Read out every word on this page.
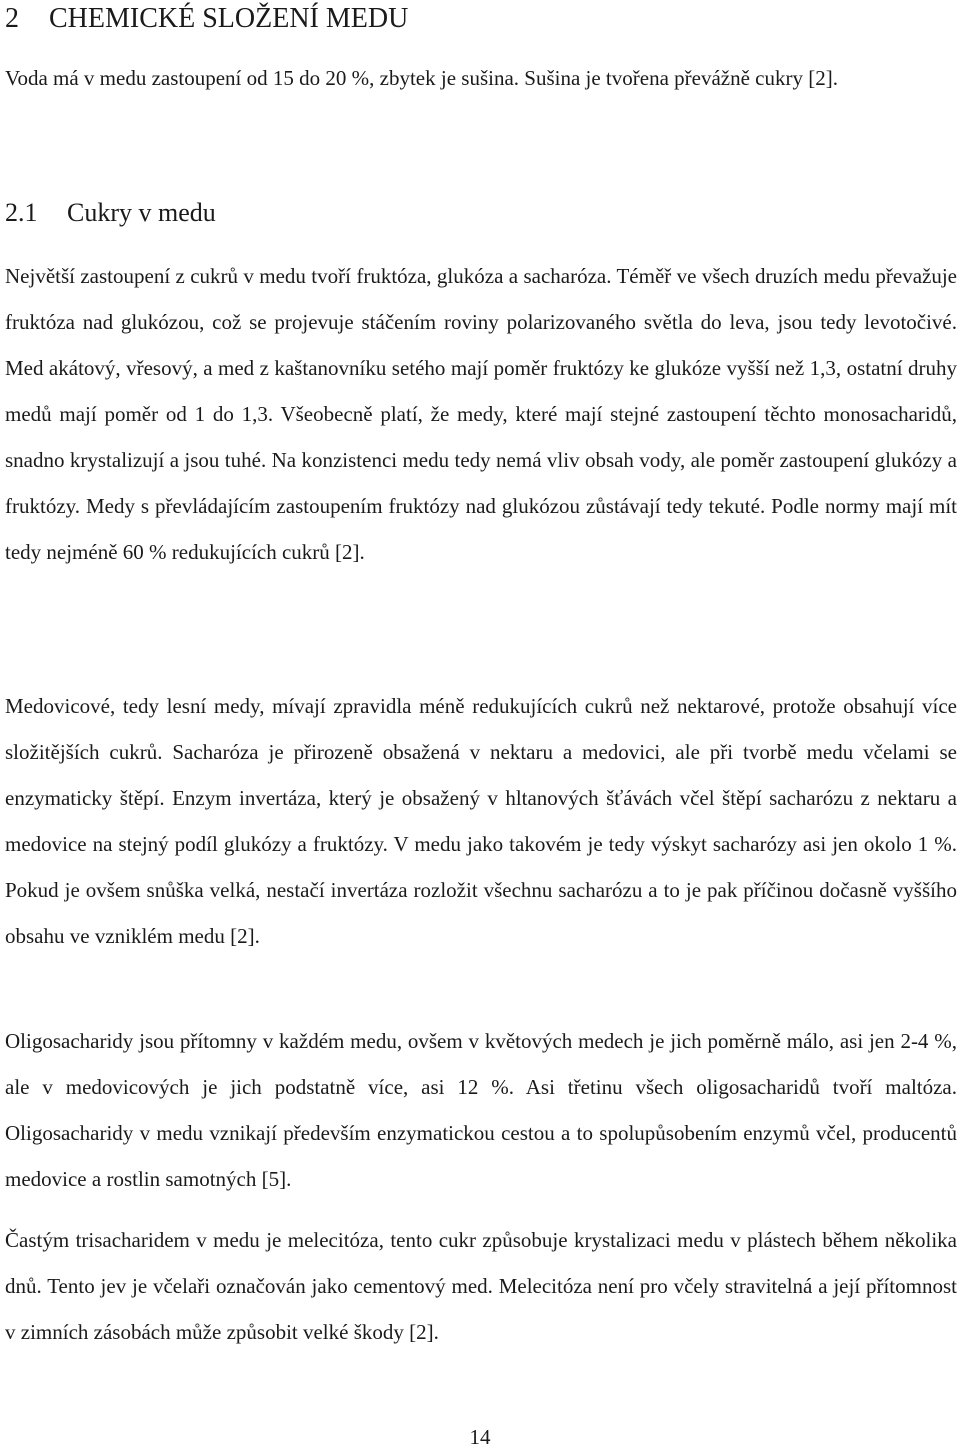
2 CHEMICKÉ SLOŽENÍ MEDU

Voda má v medu zastoupení od 15 do 20 %, zbytek je sušina. Sušina je tvořena převážně cukry [2].

2.1 Cukry v medu

Největší zastoupení z cukrů v medu tvoří fruktóza, glukóza a sacharóza. Téměř ve všech druzích medu převažuje fruktóza nad glukózou, což se projevuje stáčením roviny polarizovaného světla do leva, jsou tedy levotočivé. Med akátový, vřesový, a med z kaštanovníku setého mají poměr fruktózy ke glukóze vyšší než 1,3, ostatní druhy medů mají poměr od 1 do 1,3. Všeobecně platí, že medy, které mají stejné zastoupení těchto monosacharidů, snadno krystalizují a jsou tuhé. Na konzistenci medu tedy nemá vliv obsah vody, ale poměr zastoupení glukózy a fruktózy. Medy s převládajícím zastoupením fruktózy nad glukózou zůstávají tedy tekuté. Podle normy mají mít tedy nejméně 60 % redukujících cukrů [2].

Medovicové, tedy lesní medy, mívají zpravidla méně redukujících cukrů než nektarové, protože obsahují více složitějších cukrů. Sacharóza je přirozeně obsažená v nektaru a medovici, ale při tvorbě medu včelami se enzymaticky štěpí. Enzym invertáza, který je obsažený v hltanových šťávách včel štěpí sacharózu z nektaru a medovice na stejný podíl glukózy a fruktózy. V medu jako takovém je tedy výskyt sacharózy asi jen okolo 1 %. Pokud je ovšem snůška velká, nestačí invertáza rozložit všechnu sacharózu a to je pak příčinou dočasně vyššího obsahu ve vzniklém medu [2].

Oligosacharidy jsou přítomny v každém medu, ovšem v květových medech je jich poměrně málo, asi jen 2-4 %, ale v medovicových je jich podstatně více, asi 12 %. Asi třetinu všech oligosacharidů tvoří maltóza. Oligosacharidy v medu vznikají především enzymatickou cestou a to spolupůsobením enzymů včel, producentů medovice a rostlin samotných [5].

Častým trisacharidem v medu je melecitóza, tento cukr způsobuje krystalizaci medu v plástech během několika dnů. Tento jev je včelaři označován jako cementový med. Melecitóza není pro včely stravitelná a její přítomnost v zimních zásobách může způsobit velké škody [2].

14
